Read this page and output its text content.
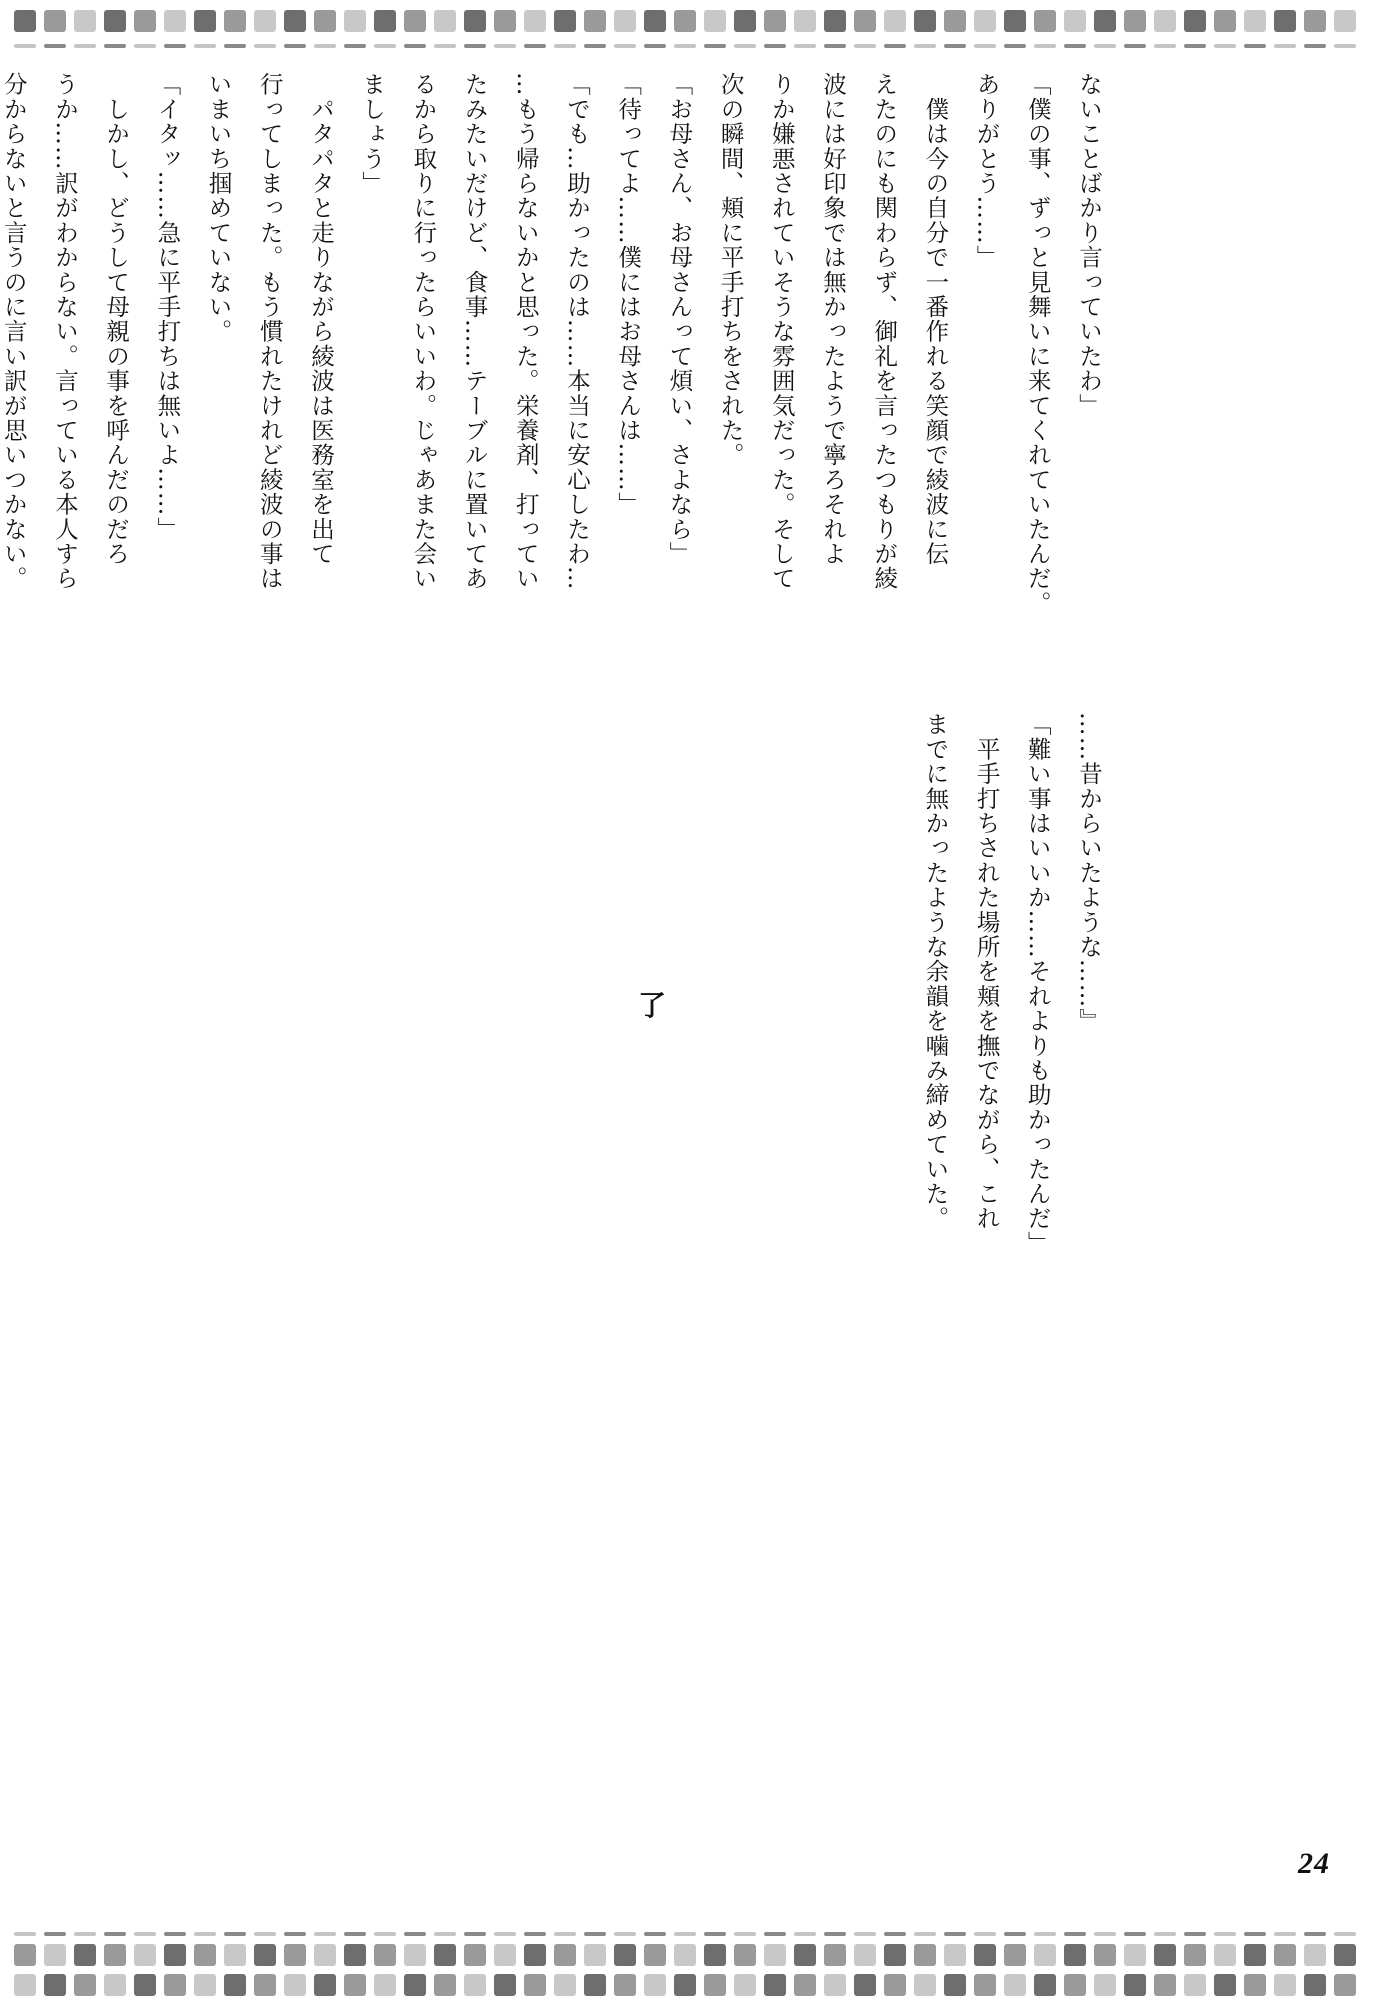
ないことばかり言っていたわ」
「僕の事、ずっと見舞いに来てくれていたんだ。
ありがとう……」
　僕は今の自分で一番作れる笑顔で綾波に伝
えたのにも関わらず、御礼を言ったつもりが綾
波には好印象では無かったようで寧ろそれよ
りか嫌悪されていそうな雰囲気だった。そして
次の瞬間、頬に平手打ちをされた。
「お母さん、お母さんって煩い、さよなら」
「待ってよ……僕にはお母さんは……」
「でも…助かったのは……本当に安心したわ…
…もう帰らないかと思った。栄養剤、打ってい
たみたいだけど、食事……テーブルに置いてあ
るから取りに行ったらいいわ。じゃあまた会い
ましょう」
　パタパタと走りながら綾波は医務室を出て
行ってしまった。もう慣れたけれど綾波の事は
いまいち掴めていない。
「イタッ……急に平手打ちは無いよ……」
　しかし、どうして母親の事を呼んだのだろ
うか……訳がわからない。言っている本人すら
分からないと言うのに言い訳が思いつかない。
……昔からいたような……』
「難い事はいいか……それよりも助かったんだ」
　平手打ちされた場所を頬を撫でながら、これ
までに無かったような余韻を噛み締めていた。
了
24
